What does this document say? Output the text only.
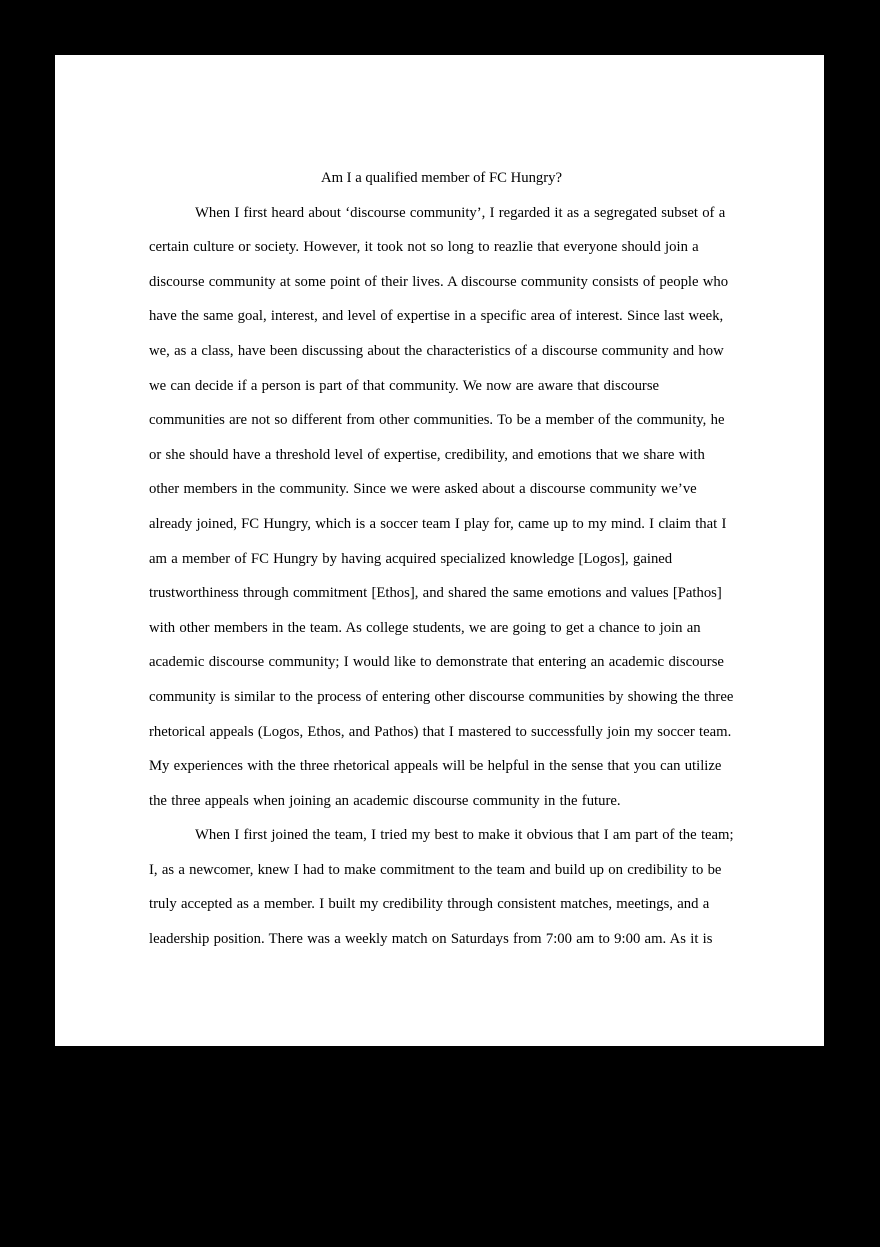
Am I a qualified member of FC Hungry?

When I first heard about ‘discourse community’, I regarded it as a segregated subset of a certain culture or society. However, it took not so long to reazlie that everyone should join a discourse community at some point of their lives. A discourse community consists of people who have the same goal, interest, and level of expertise in a specific area of interest. Since last week, we, as a class, have been discussing about the characteristics of a discourse community and how we can decide if a person is part of that community. We now are aware that discourse communities are not so different from other communities. To be a member of the community, he or she should have a threshold level of expertise, credibility, and emotions that we share with other members in the community. Since we were asked about a discourse community we’ve already joined, FC Hungry, which is a soccer team I play for, came up to my mind. I claim that I am a member of FC Hungry by having acquired specialized knowledge [Logos], gained trustworthiness through commitment [Ethos], and shared the same emotions and values [Pathos] with other members in the team. As college students, we are going to get a chance to join an academic discourse community; I would like to demonstrate that entering an academic discourse community is similar to the process of entering other discourse communities by showing the three rhetorical appeals (Logos, Ethos, and Pathos) that I mastered to successfully join my soccer team. My experiences with the three rhetorical appeals will be helpful in the sense that you can utilize the three appeals when joining an academic discourse community in the future.

When I first joined the team, I tried my best to make it obvious that I am part of the team; I, as a newcomer, knew I had to make commitment to the team and build up on credibility to be truly accepted as a member. I built my credibility through consistent matches, meetings, and a leadership position. There was a weekly match on Saturdays from 7:00 am to 9:00 am. As it is
